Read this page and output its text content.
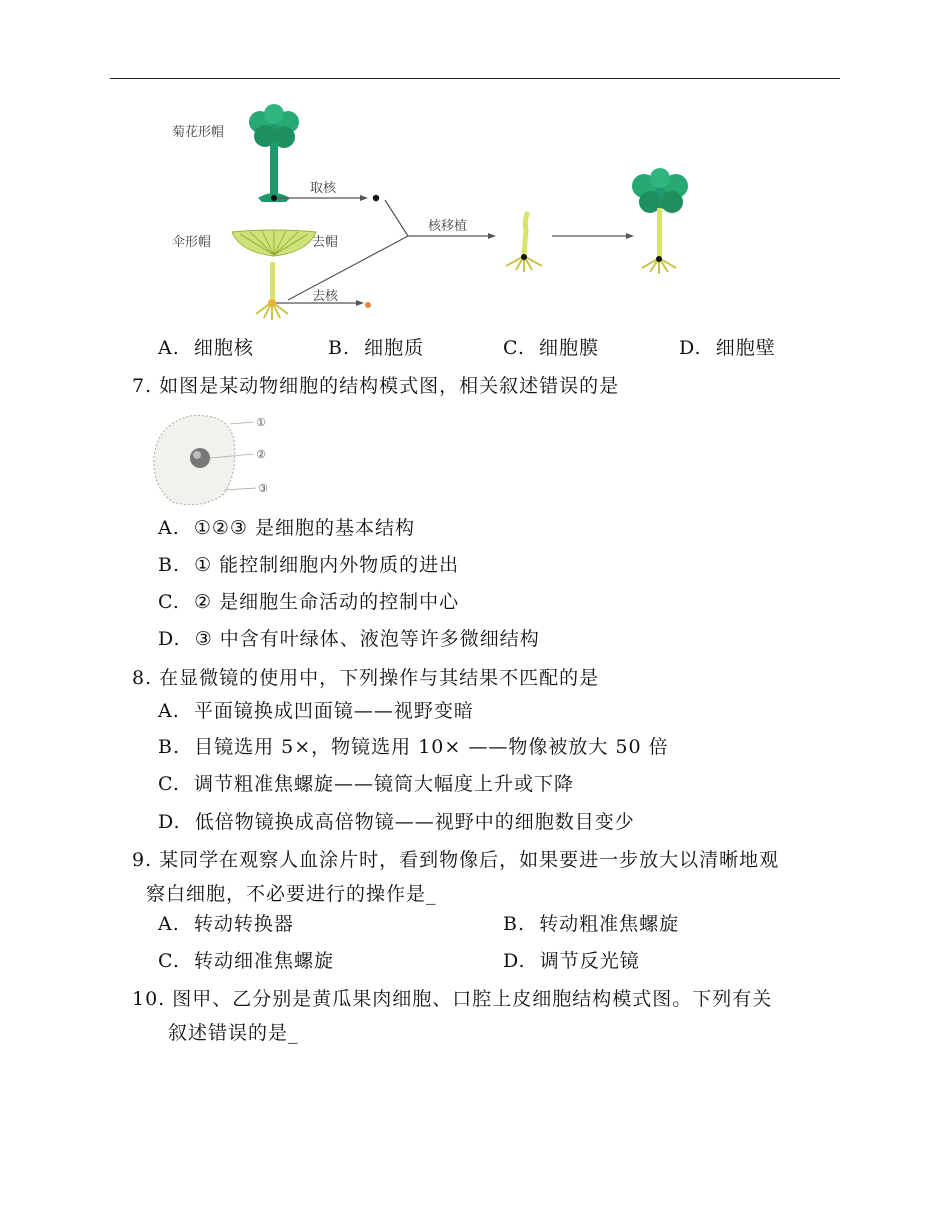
菊花形帽
伞形帽
取核
去帽
去核
核移植
A. 细胞核	B. 细胞质	C. 细胞膜	D. 细胞壁
7. 如图是某动物细胞的结构模式图，相关叙述错误的是
①
②
③
A. ①②③ 是细胞的基本结构
B. ① 能控制细胞内外物质的进出
C. ② 是细胞生命活动的控制中心
D. ③ 中含有叶绿体、液泡等许多微细结构
8. 在显微镜的使用中，下列操作与其结果不匹配的是
A. 平面镜换成凹面镜——视野变暗
B. 目镜选用 5×，物镜选用 10× ——物像被放大 50 倍
C. 调节粗准焦螺旋——镜筒大幅度上升或下降
D. 低倍物镜换成高倍物镜——视野中的细胞数目变少
9. 某同学在观察人血涂片时，看到物像后，如果要进一步放大以清晰地观
察白细胞，不必要进行的操作是_
A. 转动转换器	B. 转动粗准焦螺旋
C. 转动细准焦螺旋	D. 调节反光镜
10. 图甲、乙分别是黄瓜果肉细胞、口腔上皮细胞结构模式图。下列有关
叙述错误的是_
